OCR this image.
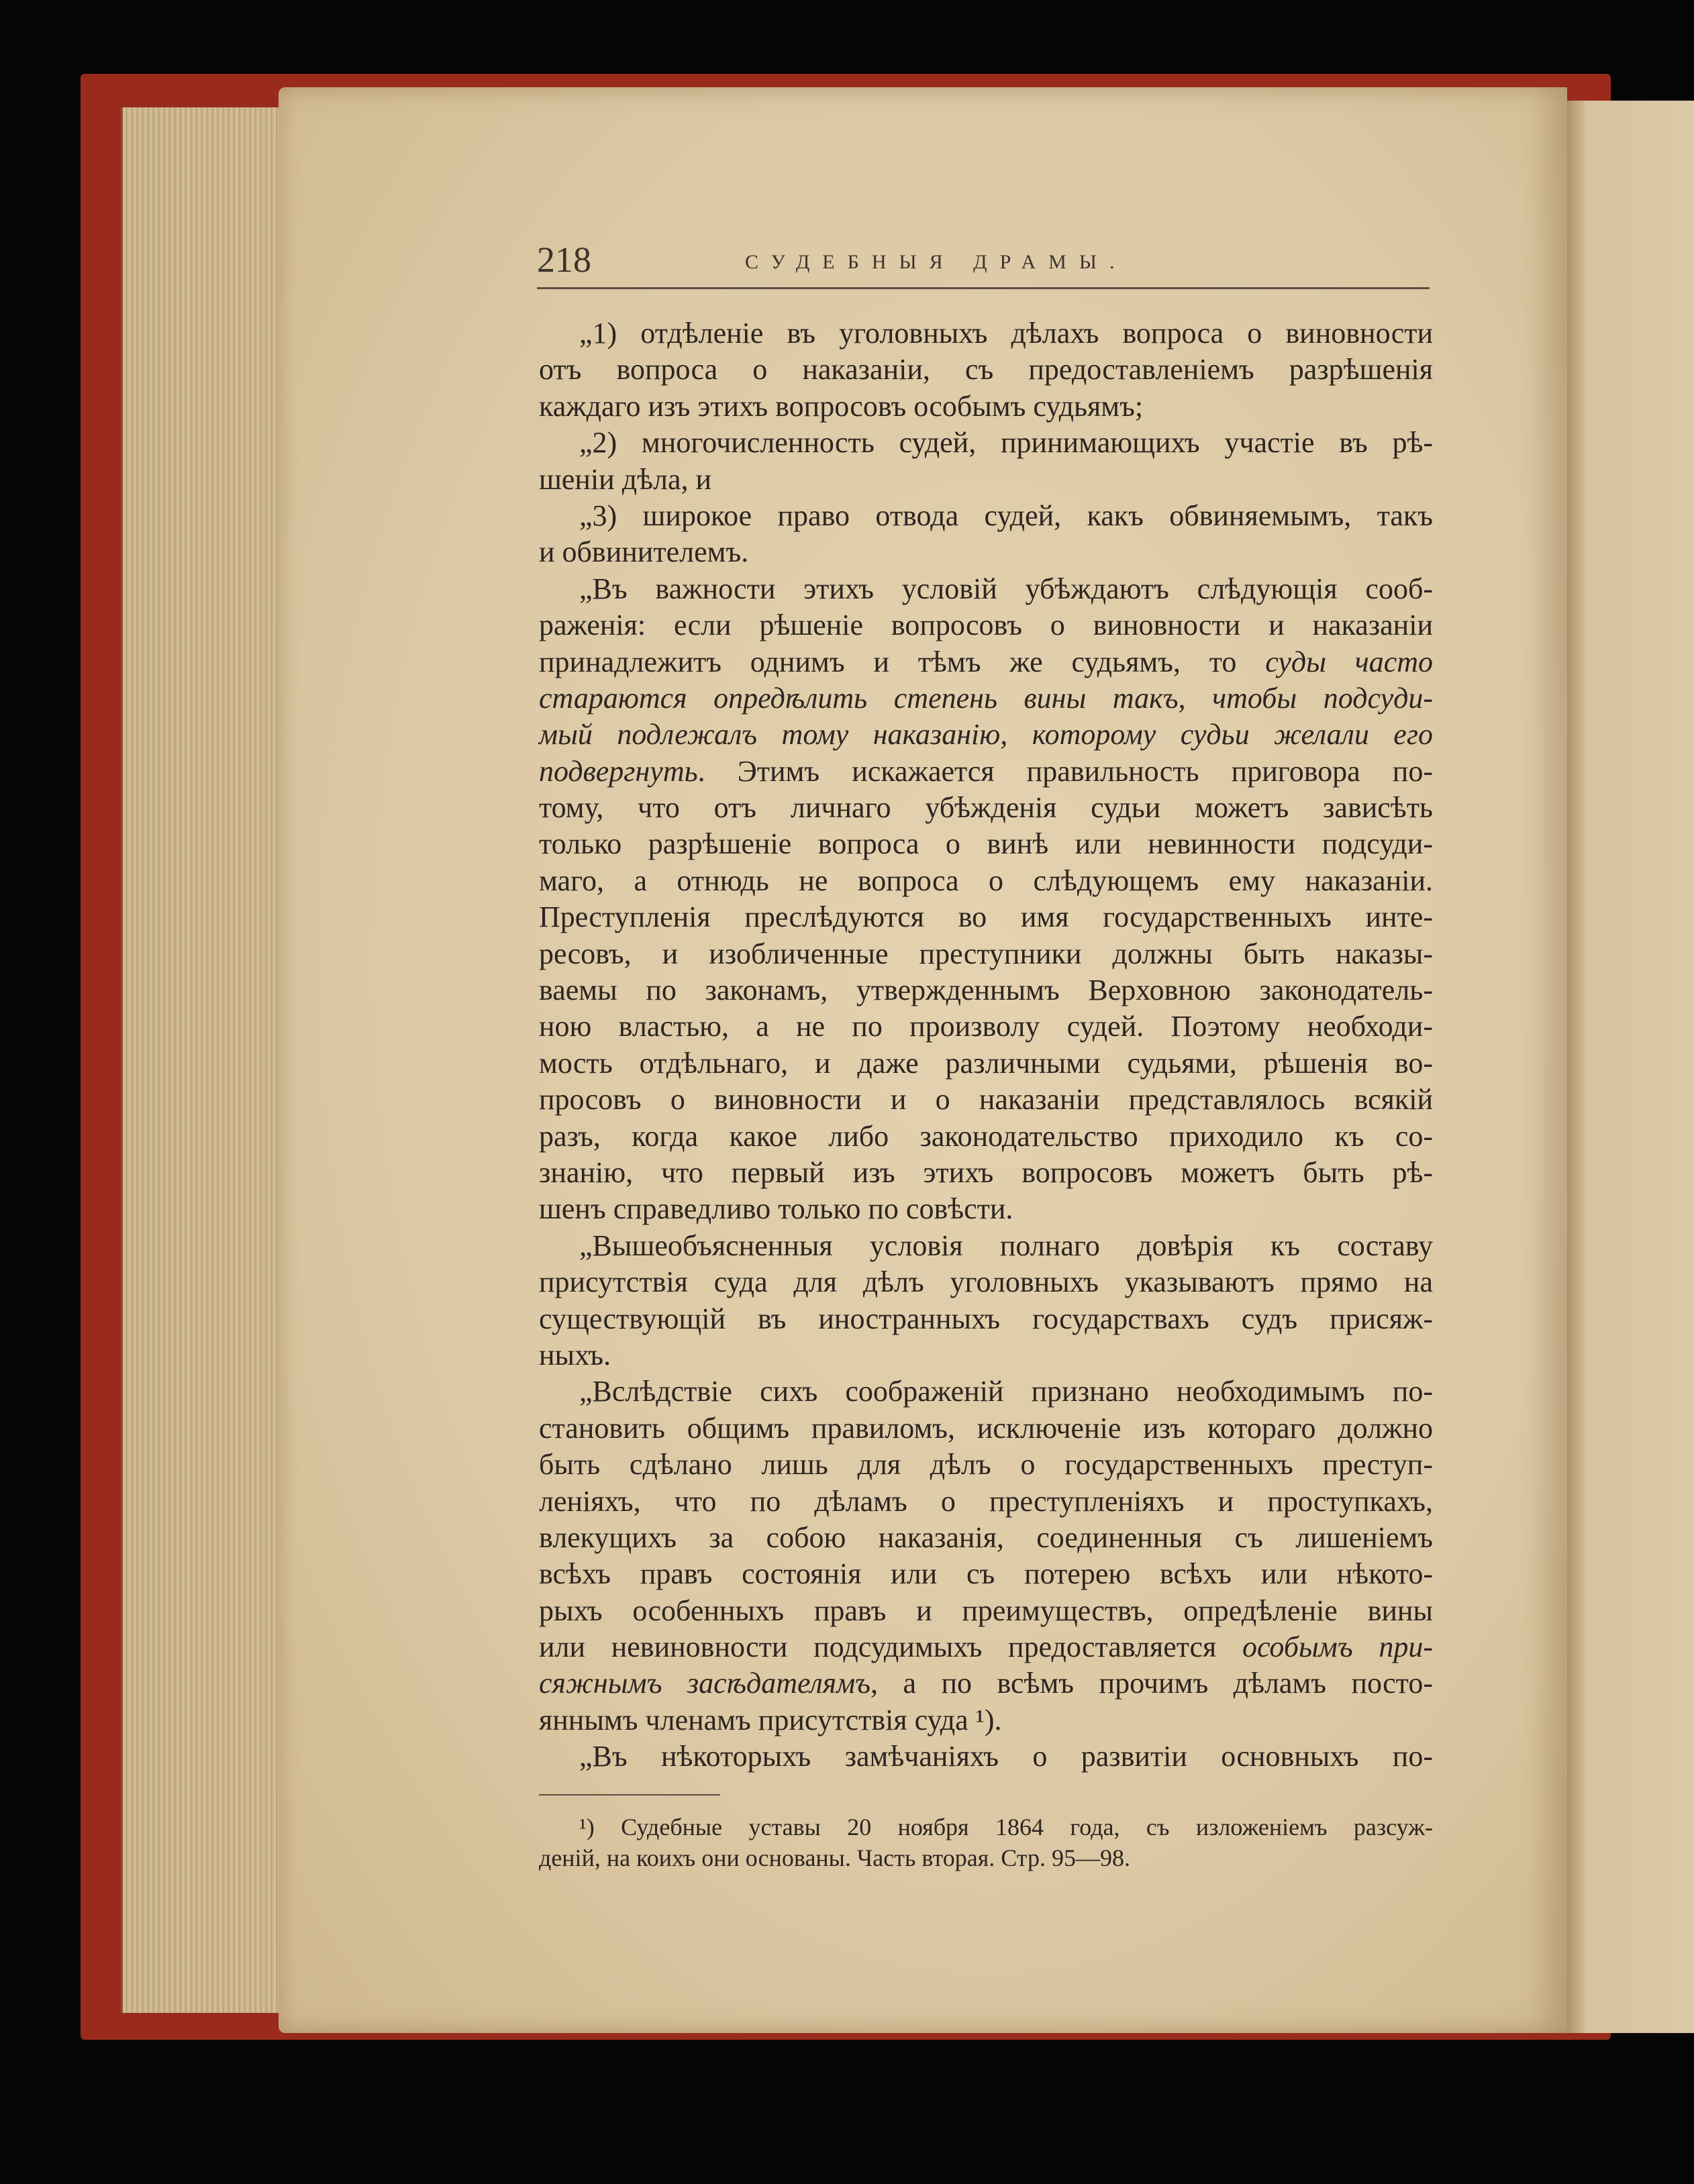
218	СУДЕБНЫЯ ДРАМЫ.
„1) отдѣленіе въ уголовныхъ дѣлахъ вопроса о виновности
отъ вопроса о наказаніи, съ предоставленіемъ разрѣшенія
каждаго изъ этихъ вопросовъ особымъ судьямъ;
„2) многочисленность судей, принимающихъ участіе въ рѣ-
шеніи дѣла, и
„3) широкое право отвода судей, какъ обвиняемымъ, такъ
и обвинителемъ.
„Въ важности этихъ условій убѣждаютъ слѣдующія сооб-
раженія: если рѣшеніе вопросовъ о виновности и наказаніи
принадлежитъ однимъ и тѣмъ же судьямъ, то суды часто
стараются опредѣлить степень вины такъ, чтобы подсуди-
мый подлежалъ тому наказанію, которому судьи желали его
подвергнуть. Этимъ искажается правильность приговора по-
тому, что отъ личнаго убѣжденія судьи можетъ зависѣть
только разрѣшеніе вопроса о винѣ или невинности подсуди-
маго, а отнюдь не вопроса о слѣдующемъ ему наказаніи.
Преступленія преслѣдуются во имя государственныхъ инте-
ресовъ, и изобличенные преступники должны быть наказы-
ваемы по законамъ, утвержденнымъ Верховною законодатель-
ною властью, а не по произволу судей. Поэтому необходи-
мость отдѣльнаго, и даже различными судьями, рѣшенія во-
просовъ о виновности и о наказаніи представлялось всякій
разъ, когда какое либо законодательство приходило къ со-
знанію, что первый изъ этихъ вопросовъ можетъ быть рѣ-
шенъ справедливо только по совѣсти.
„Вышеобъясненныя условія полнаго довѣрія къ составу
присутствія суда для дѣлъ уголовныхъ указываютъ прямо на
существующій въ иностранныхъ государствахъ судъ присяж-
ныхъ.
„Вслѣдствіе сихъ соображеній признано необходимымъ по-
становить общимъ правиломъ, исключеніе изъ котораго должно
быть сдѣлано лишь для дѣлъ о государственныхъ преступ-
леніяхъ, что по дѣламъ о преступленіяхъ и проступкахъ,
влекущихъ за собою наказанія, соединенныя съ лишеніемъ
всѣхъ правъ состоянія или съ потерею всѣхъ или нѣкото-
рыхъ особенныхъ правъ и преимуществъ, опредѣленіе вины
или невиновности подсудимыхъ предоставляется особымъ при-
сяжнымъ засѣдателямъ, а по всѣмъ прочимъ дѣламъ посто-
яннымъ членамъ присутствія суда ¹).
„Въ нѣкоторыхъ замѣчаніяхъ о развитіи основныхъ по-
¹) Судебные уставы 20 ноября 1864 года, съ изложеніемъ разсуж-
деній, на коихъ они основаны. Часть вторая. Стр. 95—98.
